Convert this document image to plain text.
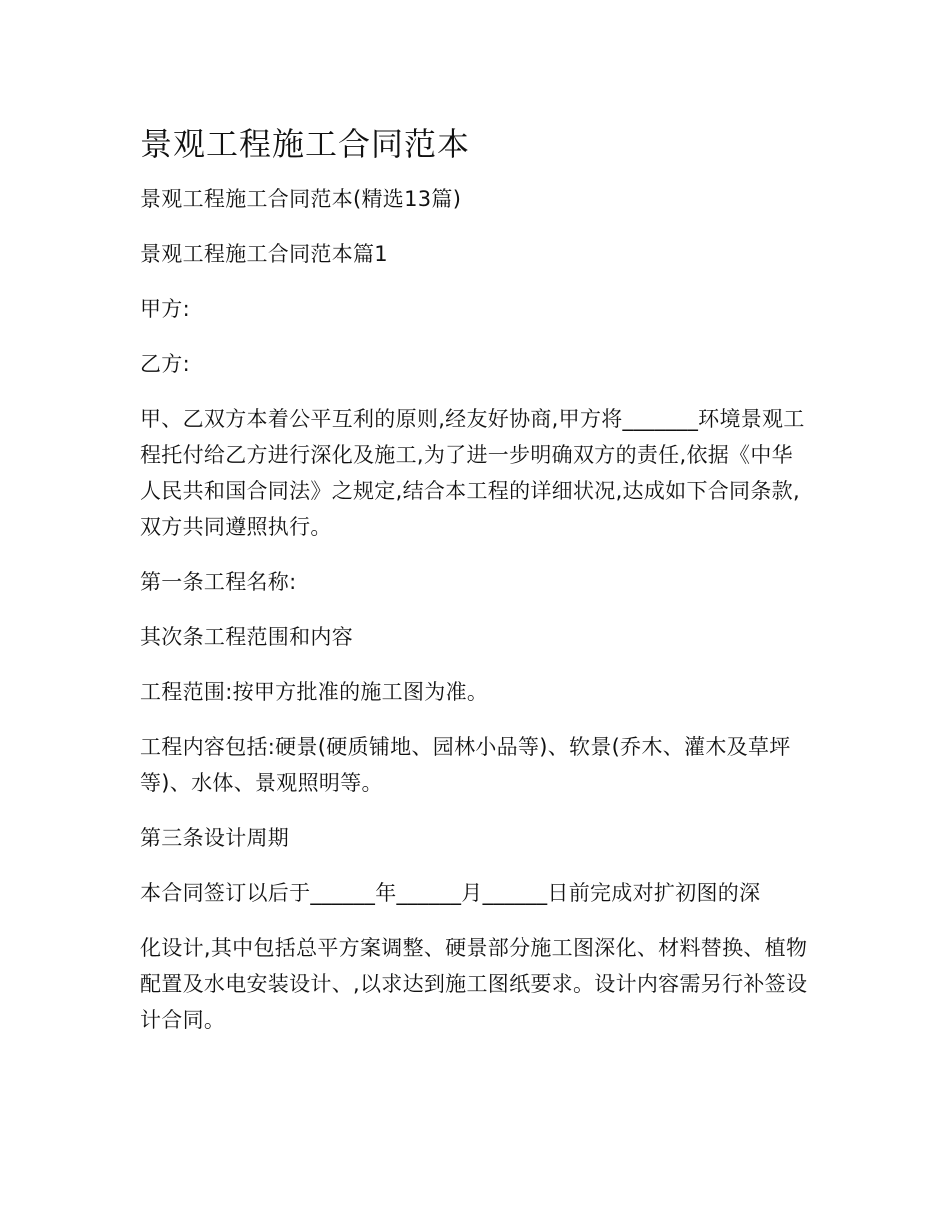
景观工程施工合同范本

景观工程施工合同范本(精选13篇)

景观工程施工合同范本篇1

甲方:

乙方:

甲、乙双方本着公平互利的原则,经友好协商,甲方将_______环境景观工程托付给乙方进行深化及施工,为了进一步明确双方的责任,依据《中华人民共和国合同法》之规定,结合本工程的详细状况,达成如下合同条款,双方共同遵照执行。

第一条工程名称:

其次条工程范围和内容

工程范围:按甲方批准的施工图为准。

工程内容包括:硬景(硬质铺地、园林小品等)、软景(乔木、灌木及草坪等)、水体、景观照明等。

第三条设计周期

本合同签订以后于______年______月______日前完成对扩初图的深

化设计,其中包括总平方案调整、硬景部分施工图深化、材料替换、植物配置及水电安装设计、,以求达到施工图纸要求。设计内容需另行补签设计合同。
